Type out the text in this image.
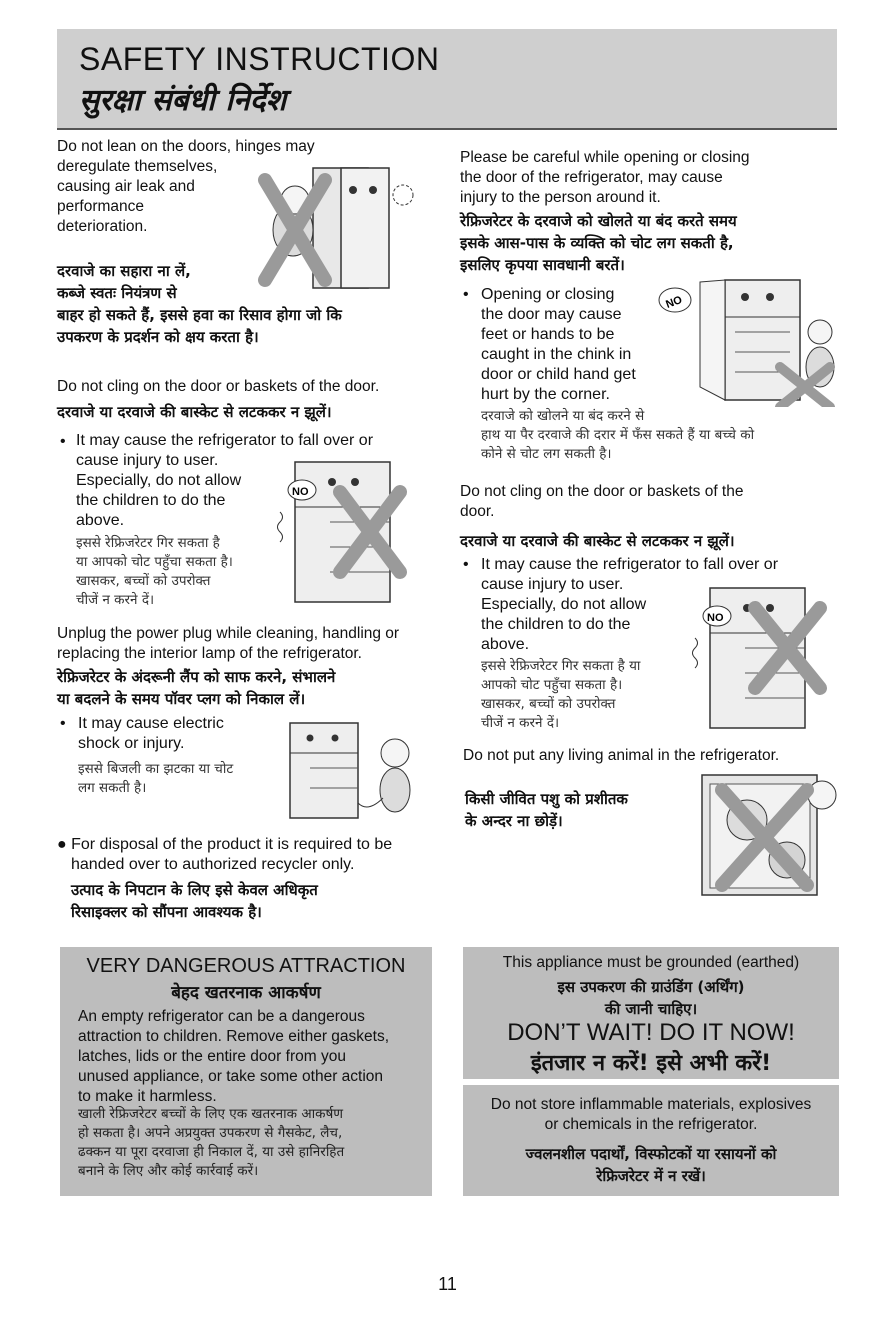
SAFETY INSTRUCTION
सुरक्षा संबंधी निर्देश
Do not lean on the doors, hinges may
deregulate themselves,
causing air leak and
performance
deterioration.
दरवाजे का सहारा ना लें,
कब्जे स्वतः नियंत्रण से
बाहर हो सकते हैं, इससे हवा का रिसाव होगा जो कि
उपकरण के प्रदर्शन को क्षय करता है।
Do not cling on the door or baskets of the door.
दरवाजे या दरवाजे की बास्केट से लटककर न झूलें।
• It may cause the refrigerator to fall over or
cause injury to user.
Especially, do not allow
the children to do the
above.
इससे रेफ्रिजरेटर गिर सकता है
या आपको चोट पहुँचा सकता है।
खासकर, बच्चों को उपरोक्त
चीजें न करने दें।
NO
Unplug the power plug while cleaning, handling or
replacing the interior lamp of the refrigerator.
रेफ्रिजरेटर के अंदरूनी लैंप को साफ करने, संभालने
या बदलने के समय पॉवर प्लग को निकाल लें।
• It may cause electric
shock or injury.
इससे बिजली का झटका या चोट
लग सकती है।
● For disposal of the product it is required to be
handed over to authorized recycler only.
उत्पाद के निपटान के लिए इसे केवल अधिकृत
रिसाइक्लर को सौंपना आवश्यक है।
Please be careful while opening or closing
the door of the refrigerator, may cause
injury to the person around it.
रेफ्रिजरेटर के दरवाजे को खोलते या बंद करते समय
इसके आस-पास के व्यक्ति को चोट लग सकती है,
इसलिए कृपया सावधानी बरतें।
• Opening or closing
the door may cause
feet or hands to be
caught in the chink in
door or child hand get
hurt by the corner.
दरवाजे को खोलने या बंद करने से
हाथ या पैर दरवाजे की दरार में फँस सकते हैं या बच्चे को
कोने से चोट लग सकती है।
NO
Do not cling on the door or baskets of the
door.
दरवाजे या दरवाजे की बास्केट से लटककर न झूलें।
• It may cause the refrigerator to fall over or
cause injury to user.
Especially, do not allow
the children to do the
above.
इससे रेफ्रिजरेटर गिर सकता है या
आपको चोट पहुँचा सकता है।
खासकर, बच्चों को उपरोक्त
चीजें न करने दें।
NO
Do not put any living animal in the refrigerator.
किसी जीवित पशु को प्रशीतक
के अन्दर ना छोड़ें।
VERY DANGEROUS ATTRACTION
बेहद खतरनाक आकर्षण
An empty refrigerator can be a dangerous
attraction to children. Remove either gaskets,
latches, lids or the entire door from you
unused appliance, or take some other action
to make it harmless.
खाली रेफ्रिजरेटर बच्चों के लिए एक खतरनाक आकर्षण
हो सकता है। अपने अप्रयुक्त उपकरण से गैसकेट, लैच,
ढक्कन या पूरा दरवाजा ही निकाल दें, या उसे हानिरहित
बनाने के लिए और कोई कार्रवाई करें।
This appliance must be grounded (earthed)
इस उपकरण की ग्राउंडिंग (अर्थिंग)
की जानी चाहिए।
DON’T WAIT! DO IT NOW!
इंतजार न करें! इसे अभी करें!
Do not store inflammable materials, explosives
or chemicals in the refrigerator.
ज्वलनशील पदार्थों, विस्फोटकों या रसायनों को
रेफ्रिजरेटर में न रखें।
11
